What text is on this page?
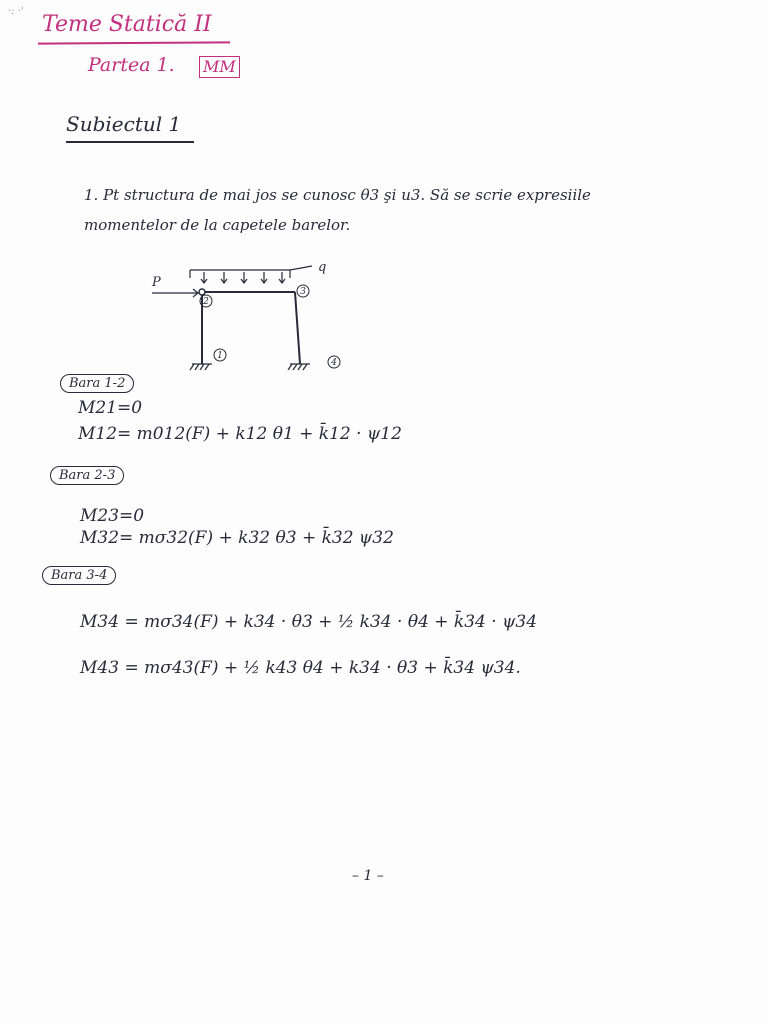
·: ·'
Teme Statică II
Partea 1. MM
Subiectul 1
1. Pt structura de mai jos se cunosc θ3 şi u3. Să se scrie expresiile
momentelor de la capetele barelor.
2
3
1
4
P
q
Bara 1-2
M21=0
M12= m012(F) + k12 θ1 + k̄12 · ψ12
Bara 2-3
M23=0
M32= mσ32(F) + k32 θ3 + k̄32 ψ32
Bara 3-4
M34 = mσ34(F) + k34 · θ3 + ½ k34 · θ4 + k̄34 · ψ34
M43 = mσ43(F) + ½ k43 θ4 + k34 · θ3 + k̄34 ψ34.
– 1 –
